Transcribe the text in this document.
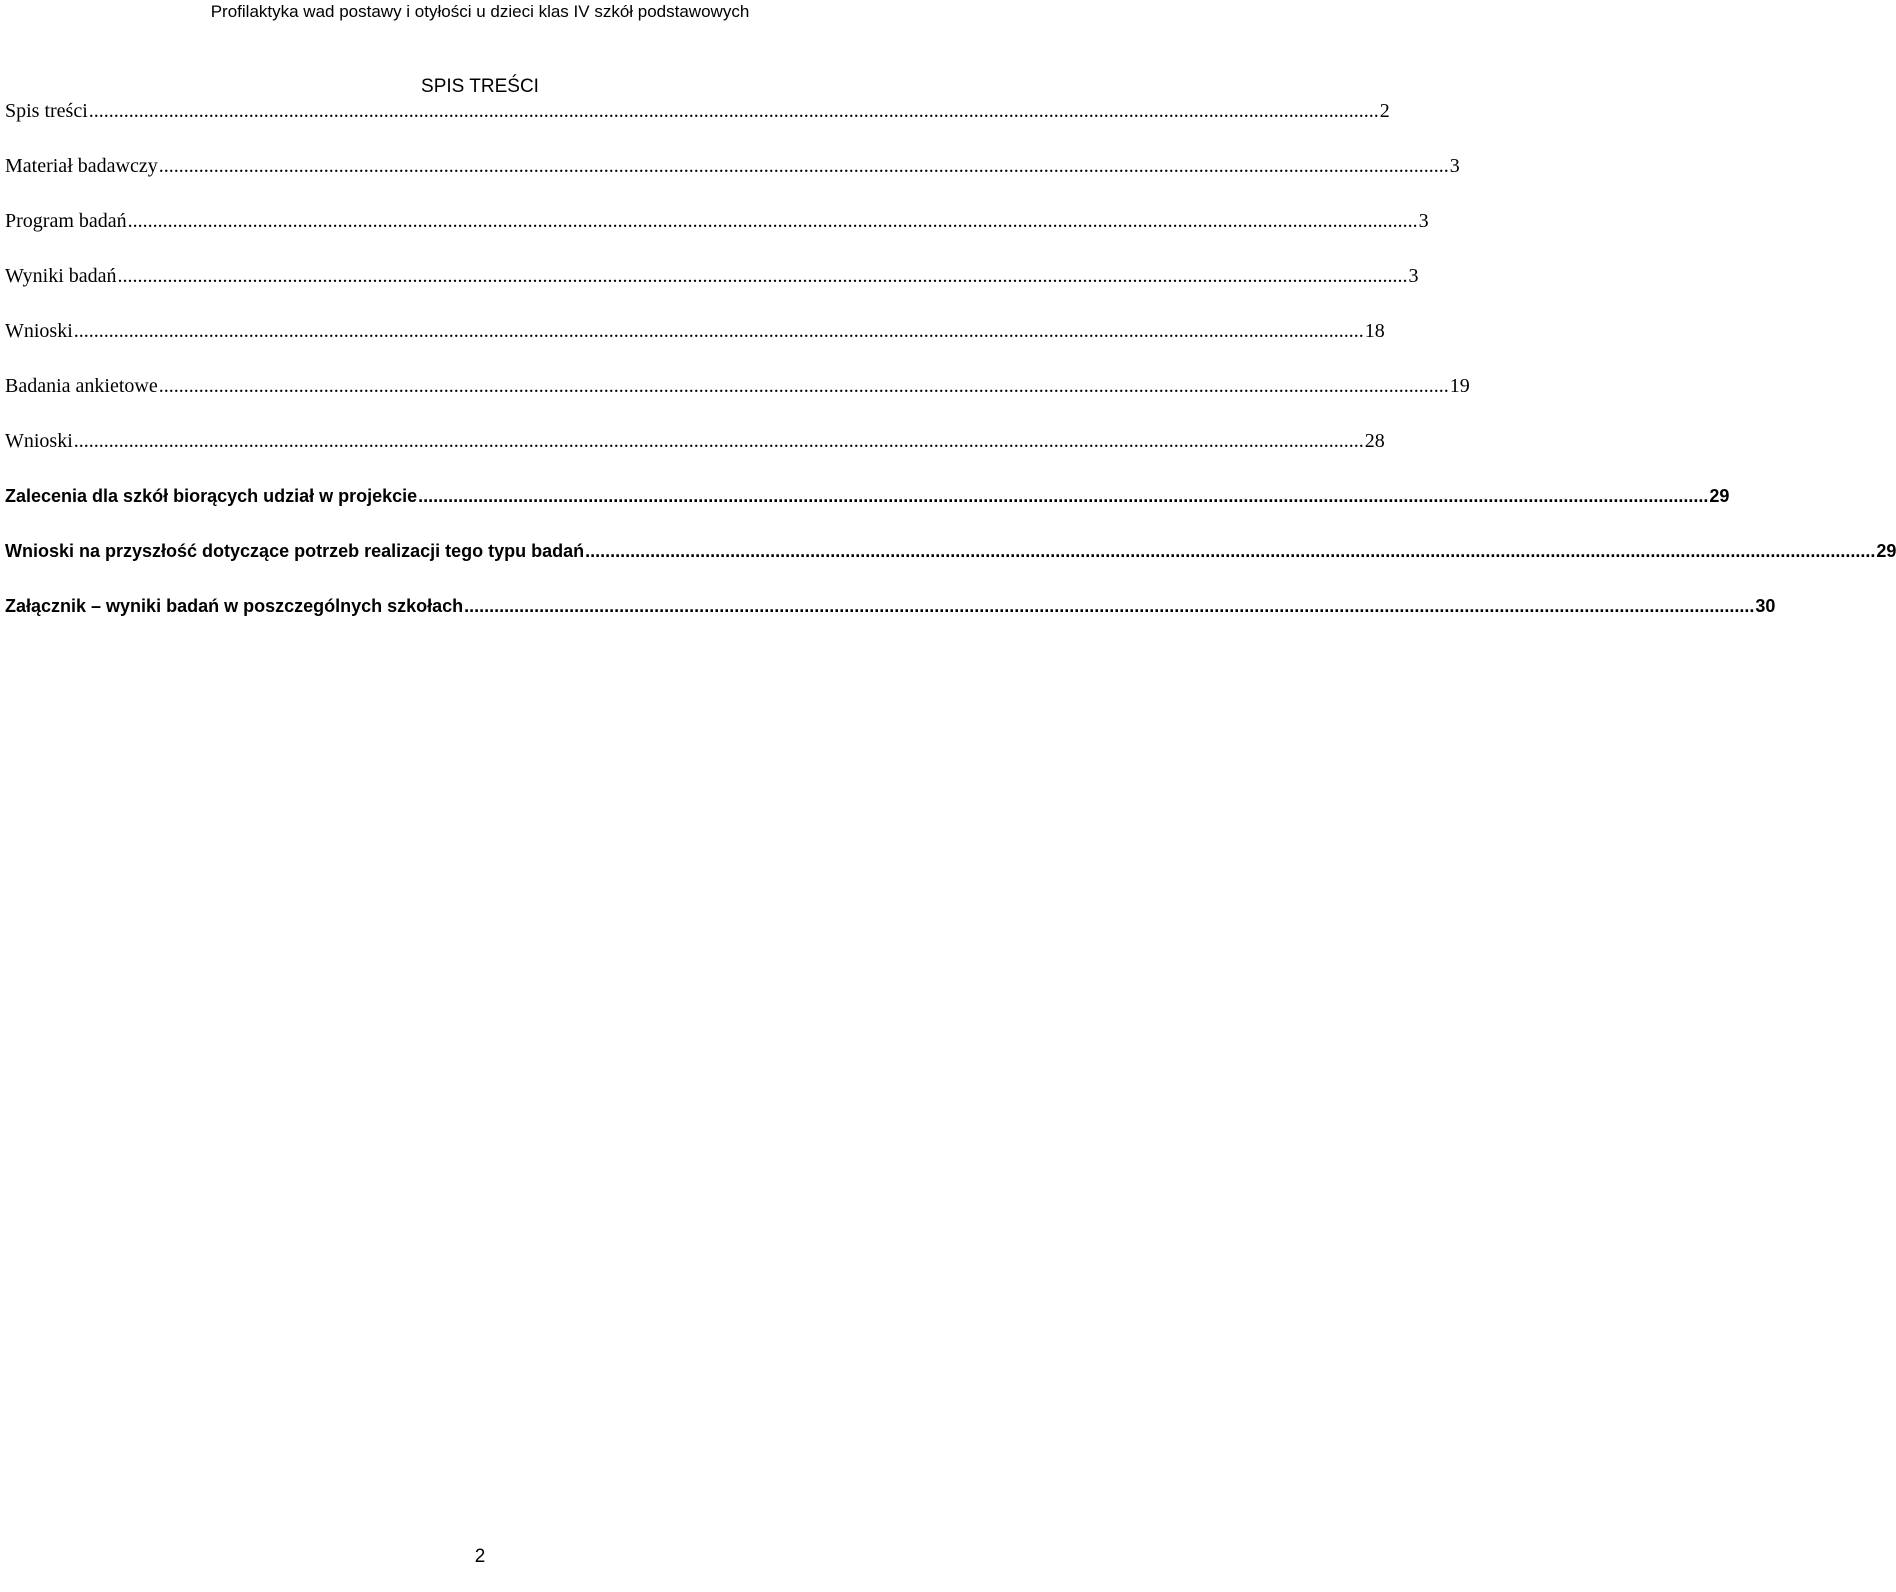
Profilaktyka wad postawy i otyłości u dzieci klas IV szkół podstawowych
SPIS TREŚCI
Spis treści .....	2
Materiał badawczy .....	3
Program badań .....	3
Wyniki badań .....	3
Wnioski .....	18
Badania ankietowe .....	19
Wnioski .....	28
Zalecenia dla szkół biorących udział w projekcie .....	29
Wnioski na przyszłość dotyczące potrzeb realizacji tego typu badań .....	29
Załącznik – wyniki badań w poszczególnych szkołach .....	30
2
